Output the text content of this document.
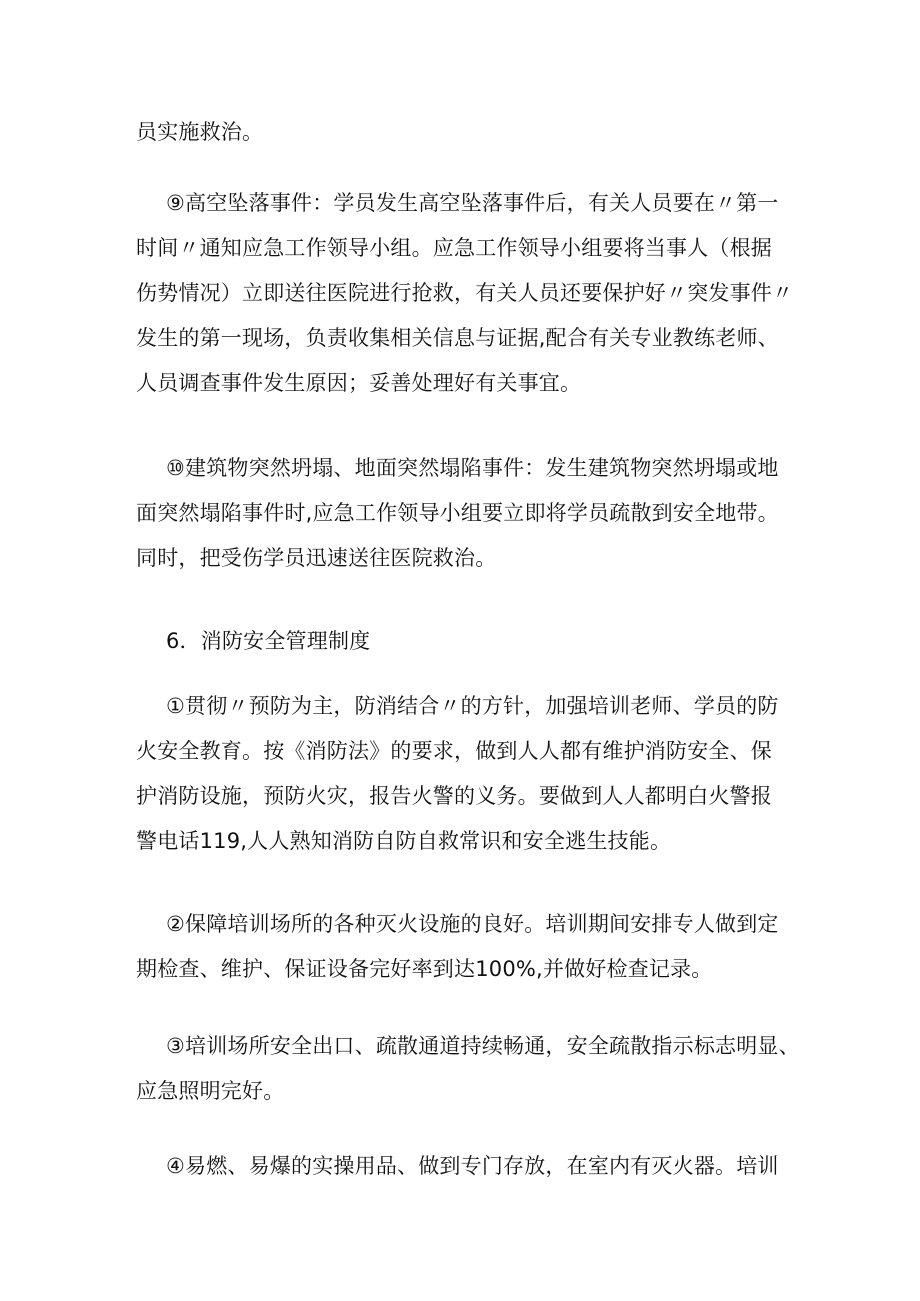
员实施救治。
⑨高空坠落事件：学员发生高空坠落事件后，有关人员要在〃第一
时间〃通知应急工作领导小组。应急工作领导小组要将当事人（根据
伤势情况）立即送往医院进行抢救，有关人员还要保护好〃突发事件〃
发生的第一现场，负责收集相关信息与证据,配合有关专业教练老师、
人员调查事件发生原因；妥善处理好有关事宜。
⑩建筑物突然坍塌、地面突然塌陷事件：发生建筑物突然坍塌或地
面突然塌陷事件时,应急工作领导小组要立即将学员疏散到安全地带。
同时，把受伤学员迅速送往医院救治。
6．消防安全管理制度
①贯彻〃预防为主，防消结合〃的方针，加强培训老师、学员的防
火安全教育。按《消防法》的要求，做到人人都有维护消防安全、保
护消防设施，预防火灾，报告火警的义务。要做到人人都明白火警报
警电话119,人人熟知消防自防自救常识和安全逃生技能。
②保障培训场所的各种灭火设施的良好。培训期间安排专人做到定
期检查、维护、保证设备完好率到达100%,并做好检查记录。
③培训场所安全出口、疏散通道持续畅通，安全疏散指示标志明显、
应急照明完好。
④易燃、易爆的实操用品、做到专门存放，在室内有灭火器。培训
